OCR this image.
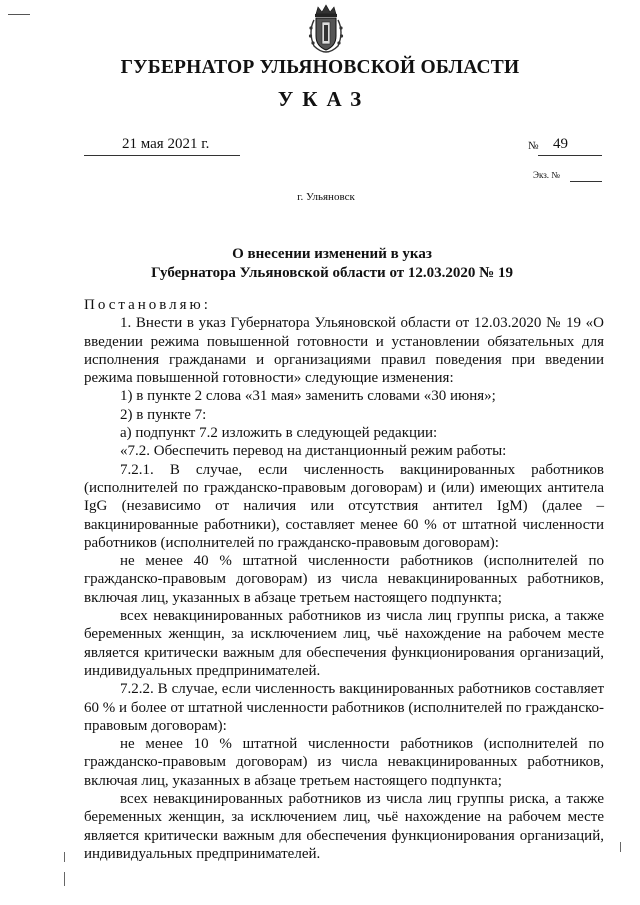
ГУБЕРНАТОР УЛЬЯНОВСКОЙ ОБЛАСТИ
УКАЗ
21 мая 2021 г.	№ 49
Экз. №
г. Ульяновск
О внесении изменений в указ
Губернатора Ульяновской области от 12.03.2020 № 19

Постановляю:

1. Внести в указ Губернатора Ульяновской области от 12.03.2020 № 19 «О введении режима повышенной готовности и установлении обязательных для исполнения гражданами и организациями правил поведения при введении режима повышенной готовности» следующие изменения:

1) в пункте 2 слова «31 мая» заменить словами «30 июня»;

2) в пункте 7:

а) подпункт 7.2 изложить в следующей редакции:

«7.2. Обеспечить перевод на дистанционный режим работы:

7.2.1. В случае, если численность вакцинированных работников (исполнителей по гражданско-правовым договорам) и (или) имеющих антитела IgG (независимо от наличия или отсутствия антител IgM) (далее – вакцинированные работники), составляет менее 60 % от штатной численности работников (исполнителей по гражданско-правовым договорам):

не менее 40 % штатной численности работников (исполнителей по гражданско-правовым договорам) из числа невакцинированных работников, включая лиц, указанных в абзаце третьем настоящего подпункта;

всех невакцинированных работников из числа лиц группы риска, а также беременных женщин, за исключением лиц, чьё нахождение на рабочем месте является критически важным для обеспечения функционирования организаций, индивидуальных предпринимателей.

7.2.2. В случае, если численность вакцинированных работников составляет 60 % и более от штатной численности работников (исполнителей по гражданско-правовым договорам):

не менее 10 % штатной численности работников (исполнителей по гражданско-правовым договорам) из числа невакцинированных работников, включая лиц, указанных в абзаце третьем настоящего подпункта;

всех невакцинированных работников из числа лиц группы риска, а также беременных женщин, за исключением лиц, чьё нахождение на рабочем месте является критически важным для обеспечения функционирования организаций, индивидуальных предпринимателей.
